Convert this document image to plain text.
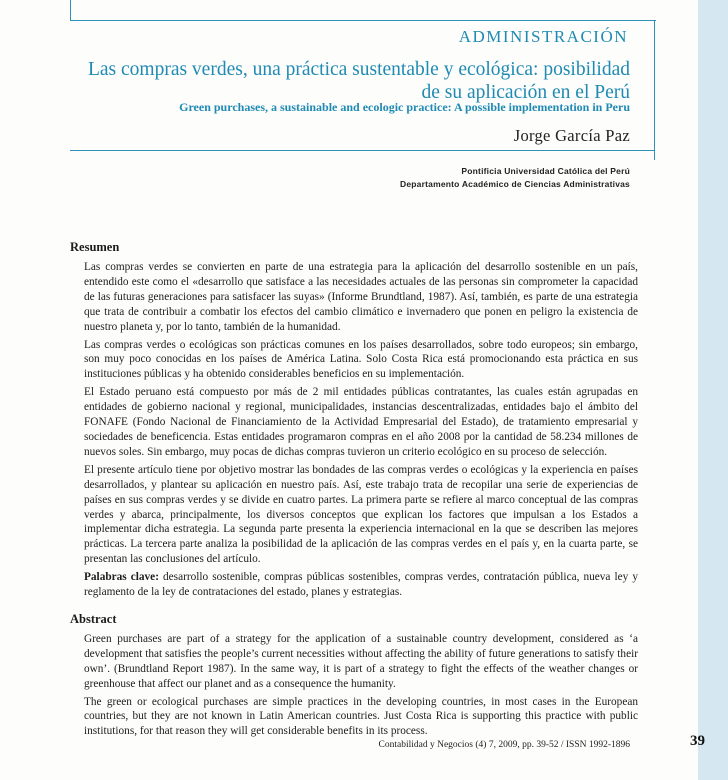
ADMINISTRACIÓN
Las compras verdes, una práctica sustentable y ecológica: posibilidad
de su aplicación en el Perú
Green purchases, a sustainable and ecologic practice: A possible implementation in Peru
Jorge García Paz
Pontificia Universidad Católica del Perú
Departamento Académico de Ciencias Administrativas
Resumen

Las compras verdes se convierten en parte de una estrategia para la aplicación del desarrollo sostenible en un país, entendido este como el «desarrollo que satisface a las necesidades actuales de las personas sin comprometer la capacidad de las futuras generaciones para satisfacer las suyas» (Informe Brundtland, 1987). Así, también, es parte de una estrategia que trata de contribuir a combatir los efectos del cambio climático e invernadero que ponen en peligro la existencia de nuestro planeta y, por lo tanto, también de la humanidad.

Las compras verdes o ecológicas son prácticas comunes en los países desarrollados, sobre todo europeos; sin embargo, son muy poco conocidas en los países de América Latina. Solo Costa Rica está promocionando esta práctica en sus instituciones públicas y ha obtenido considerables beneficios en su implementación.

El Estado peruano está compuesto por más de 2 mil entidades públicas contratantes, las cuales están agrupadas en entidades de gobierno nacional y regional, municipalidades, instancias descentralizadas, entidades bajo el ámbito del FONAFE (Fondo Nacional de Financiamiento de la Actividad Empresarial del Estado), de tratamiento empresarial y sociedades de beneficencia. Estas entidades programaron compras en el año 2008 por la cantidad de 58.234 millones de nuevos soles. Sin embargo, muy pocas de dichas compras tuvieron un criterio ecológico en su proceso de selección.

El presente artículo tiene por objetivo mostrar las bondades de las compras verdes o ecológicas y la experiencia en países desarrollados, y plantear su aplicación en nuestro país. Así, este trabajo trata de recopilar una serie de experiencias de países en sus compras verdes y se divide en cuatro partes. La primera parte se refiere al marco conceptual de las compras verdes y abarca, principalmente, los diversos conceptos que explican los factores que impulsan a los Estados a implementar dicha estrategia. La segunda parte presenta la experiencia internacional en la que se describen las mejores prácticas. La tercera parte analiza la posibilidad de la aplicación de las compras verdes en el país y, en la cuarta parte, se presentan las conclusiones del artículo.

Palabras clave: desarrollo sostenible, compras públicas sostenibles, compras verdes, contratación pública, nueva ley y reglamento de la ley de contrataciones del estado, planes y estrategias.

Abstract

Green purchases are part of a strategy for the application of a sustainable country development, considered as ‘a development that satisfies the people’s current necessities without affecting the ability of future generations to satisfy their own’. (Brundtland Report 1987). In the same way, it is part of a strategy to fight the effects of the weather changes or greenhouse that affect our planet and as a consequence the humanity.

The green or ecological purchases are simple practices in the developing countries, in most cases in the European countries, but they are not known in Latin American countries. Just Costa Rica is supporting this practice with public institutions, for that reason they will get considerable benefits in its process.

Contabilidad y Negocios (4) 7, 2009, pp. 39-52 / ISSN 1992-1896	39
